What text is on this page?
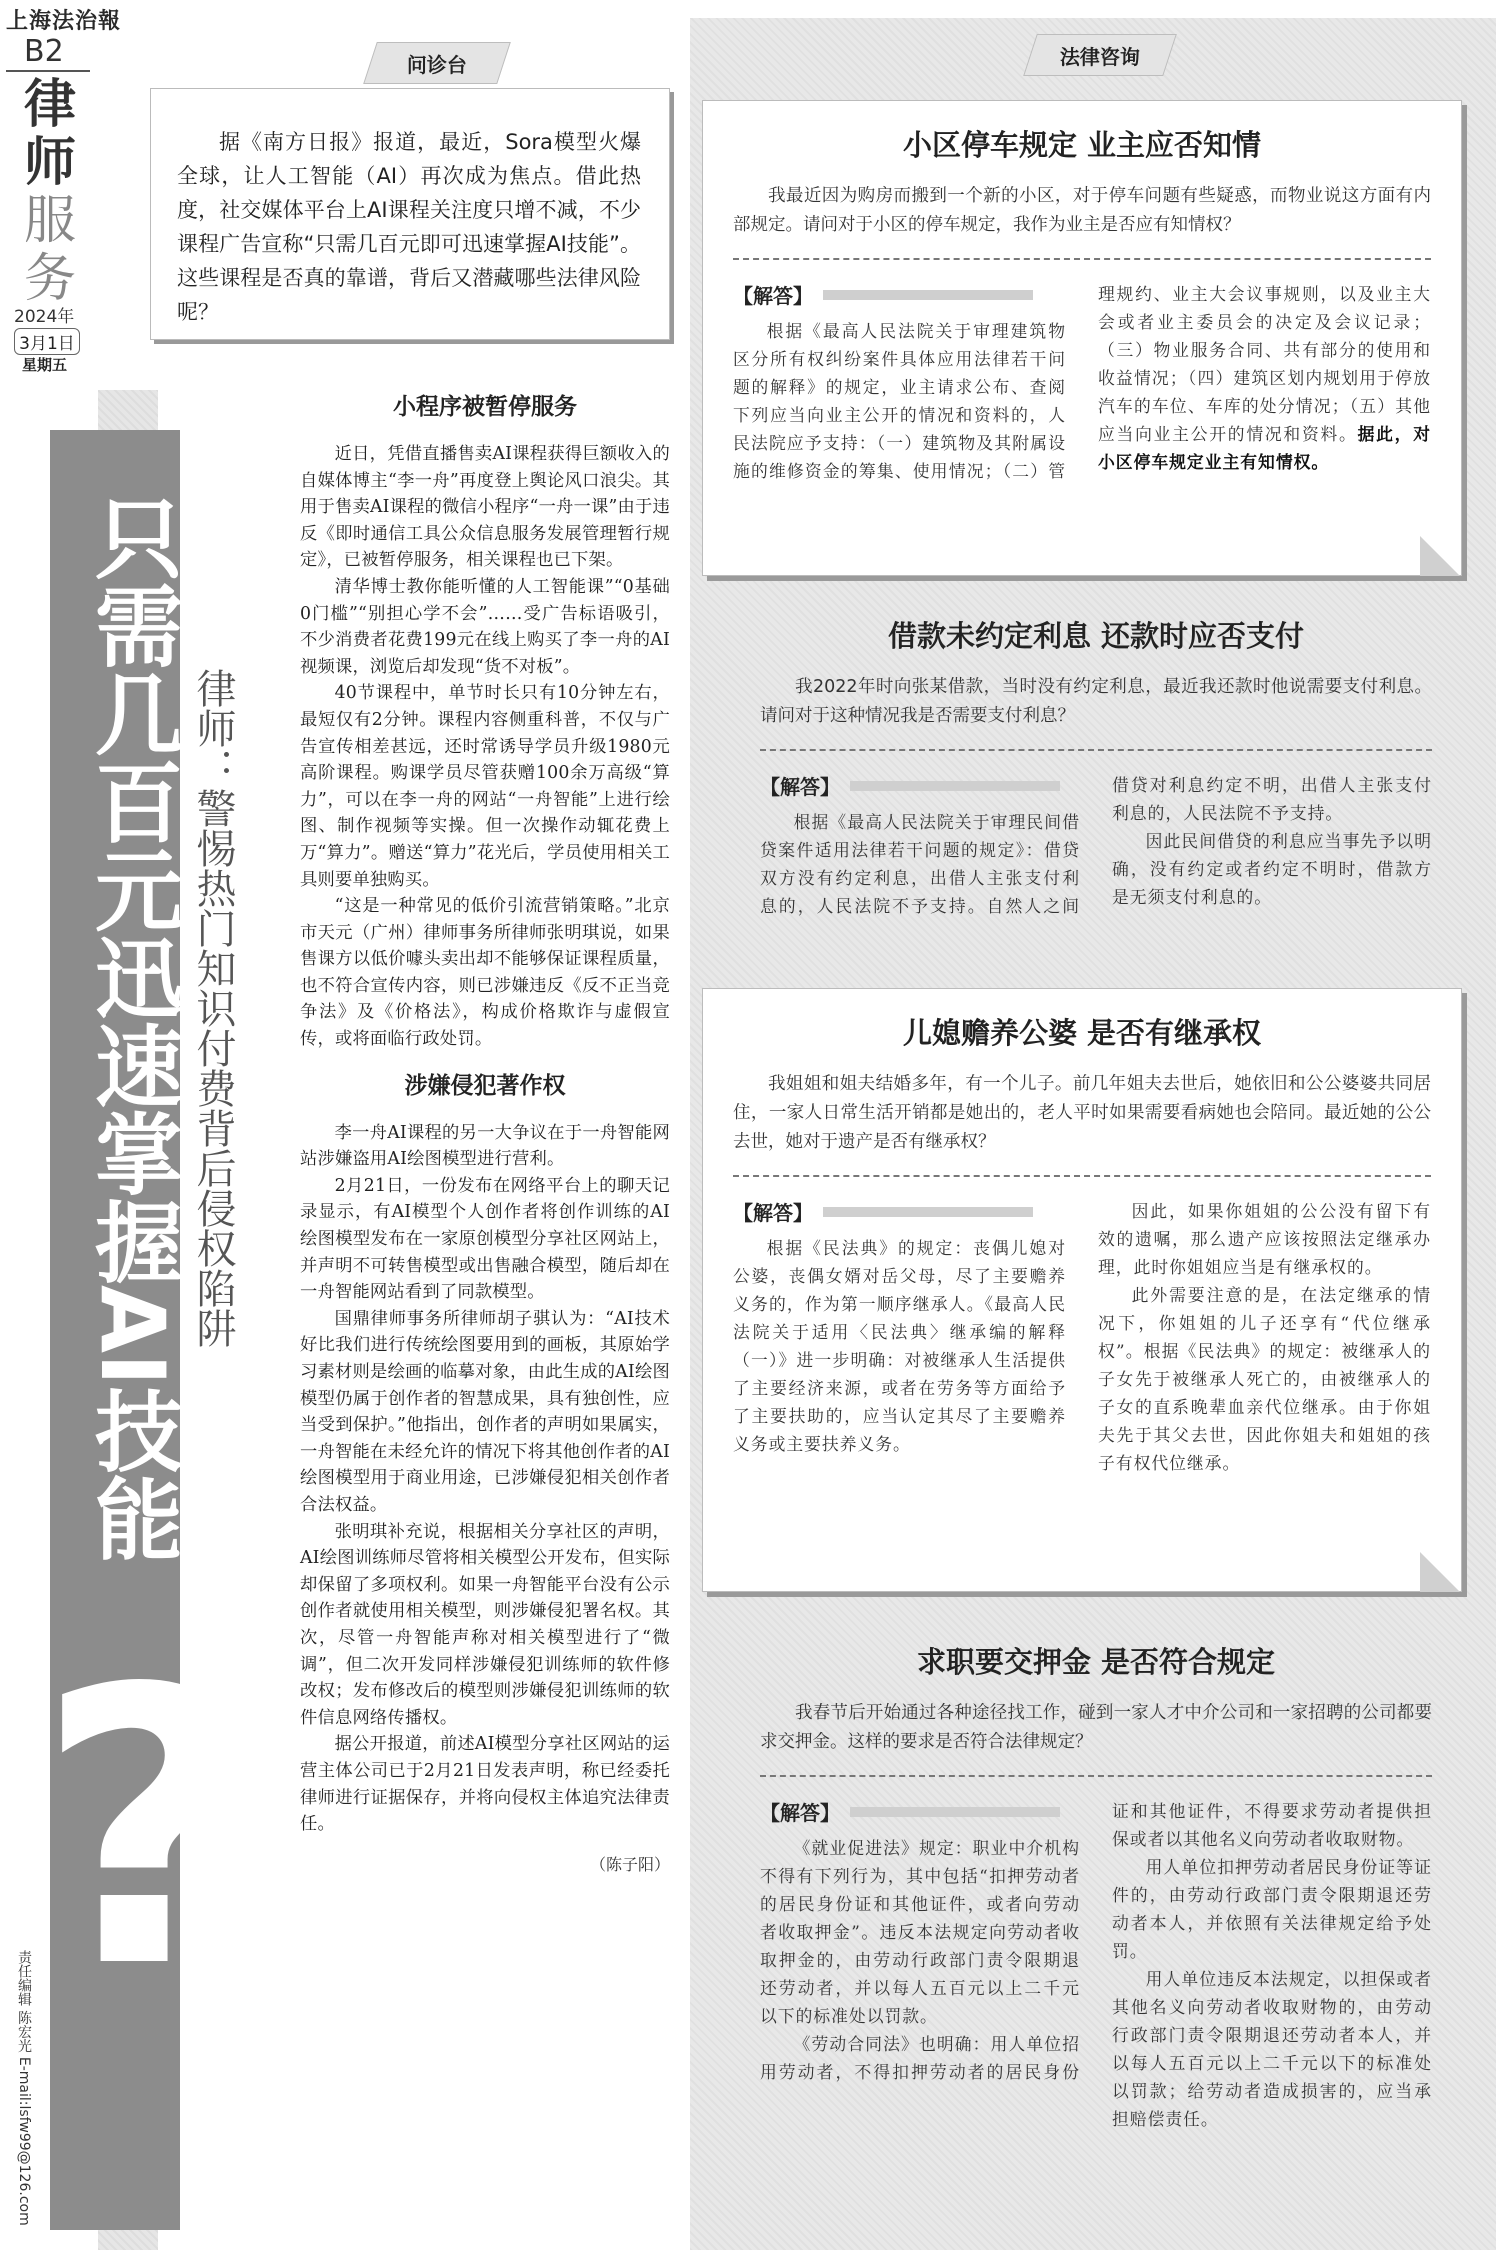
上海法治報
B2
律
师
服
务
2024年
3月1日
星期五
问诊台	法律咨询

据《南方日报》报道，最近，Sora模型火爆全球，让人工智能（AI）再次成为焦点。借此热度，社交媒体平台上AI课程关注度只增不减，不少课程广告宣称“只需几百元即可迅速掌握AI技能”。这些课程是否真的靠谱，背后又潜藏哪些法律风险呢？

只需几百元迅速掌握AI技能
?
律师：警惕热门知识付费背后侵权陷阱
小程序被暂停服务

近日，凭借直播售卖AI课程获得巨额收入的自媒体博主“李一舟”再度登上舆论风口浪尖。其用于售卖AI课程的微信小程序“一舟一课”由于违反《即时通信工具公众信息服务发展管理暂行规定》，已被暂停服务，相关课程也已下架。

清华博士教你能听懂的人工智能课”“0基础0门槛”“别担心学不会”……受广告标语吸引，不少消费者花费199元在线上购买了李一舟的AI视频课，浏览后却发现“货不对板”。

40节课程中，单节时长只有10分钟左右，最短仅有2分钟。课程内容侧重科普，不仅与广告宣传相差甚远，还时常诱导学员升级1980元高阶课程。购课学员尽管获赠100余万高级“算力”，可以在李一舟的网站“一舟智能”上进行绘图、制作视频等实操。但一次操作动辄花费上万“算力”。赠送“算力”花光后，学员使用相关工具则要单独购买。

“这是一种常见的低价引流营销策略。”北京市天元（广州）律师事务所律师张明琪说，如果售课方以低价噱头卖出却不能够保证课程质量，也不符合宣传内容，则已涉嫌违反《反不正当竞争法》及《价格法》，构成价格欺诈与虚假宣传，或将面临行政处罚。

涉嫌侵犯著作权

李一舟AI课程的另一大争议在于一舟智能网站涉嫌盗用AI绘图模型进行营利。

2月21日，一份发布在网络平台上的聊天记录显示，有AI模型个人创作者将创作训练的AI绘图模型发布在一家原创模型分享社区网站上，并声明不可转售模型或出售融合模型，随后却在一舟智能网站看到了同款模型。

国鼎律师事务所律师胡子骐认为：“AI技术好比我们进行传统绘图要用到的画板，其原始学习素材则是绘画的临摹对象，由此生成的AI绘图模型仍属于创作者的智慧成果，具有独创性，应当受到保护。”他指出，创作者的声明如果属实，一舟智能在未经允许的情况下将其他创作者的AI绘图模型用于商业用途，已涉嫌侵犯相关创作者合法权益。

张明琪补充说，根据相关分享社区的声明，AI绘图训练师尽管将相关模型公开发布，但实际却保留了多项权利。如果一舟智能平台没有公示创作者就使用相关模型，则涉嫌侵犯署名权。其次，尽管一舟智能声称对相关模型进行了“微调”，但二次开发同样涉嫌侵犯训练师的软件修改权；发布修改后的模型则涉嫌侵犯训练师的软件信息网络传播权。

据公开报道，前述AI模型分享社区网站的运营主体公司已于2月21日发表声明，称已经委托律师进行证据保存，并将向侵权主体追究法律责任。

（陈子阳）

责任编辑 陈宏光 E-mail:lsfw99@126.com
小区停车规定 业主应否知情

我最近因为购房而搬到一个新的小区，对于停车问题有些疑惑，而物业说这方面有内部规定。请问对于小区的停车规定，我作为业主是否应有知情权？

【解答】

根据《最高人民法院关于审理建筑物区分所有权纠纷案件具体应用法律若干问题的解释》的规定，业主请求公布、查阅下列应当向业主公开的情况和资料的，人民法院应予支持：（一）建筑物及其附属设施的维修资金的筹集、使用情况；（二）管理规约、业主大会议事规则，以及业主大会或者业主委员会的决定及会议记录；（三）物业服务合同、共有部分的使用和收益情况；（四）建筑区划内规划用于停放汽车的车位、车库的处分情况；（五）其他应当向业主公开的情况和资料。据此，对小区停车规定业主有知情权。

借款未约定利息 还款时应否支付

我2022年时向张某借款，当时没有约定利息，最近我还款时他说需要支付利息。请问对于这种情况我是否需要支付利息？

【解答】

根据《最高人民法院关于审理民间借贷案件适用法律若干问题的规定》：借贷双方没有约定利息，出借人主张支付利息的，人民法院不予支持。自然人之间借贷对利息约定不明，出借人主张支付利息的，人民法院不予支持。

因此民间借贷的利息应当事先予以明确，没有约定或者约定不明时，借款方是无须支付利息的。

儿媳赡养公婆 是否有继承权

我姐姐和姐夫结婚多年，有一个儿子。前几年姐夫去世后，她依旧和公公婆婆共同居住，一家人日常生活开销都是她出的，老人平时如果需要看病她也会陪同。最近她的公公去世，她对于遗产是否有继承权？

【解答】

根据《民法典》的规定：丧偶儿媳对公婆，丧偶女婿对岳父母，尽了主要赡养义务的，作为第一顺序继承人。《最高人民法院关于适用〈民法典〉继承编的解释（一）》进一步明确：对被继承人生活提供了主要经济来源，或者在劳务等方面给予了主要扶助的，应当认定其尽了主要赡养义务或主要扶养义务。

因此，如果你姐姐的公公没有留下有效的遗嘱，那么遗产应该按照法定继承办理，此时你姐姐应当是有继承权的。

此外需要注意的是，在法定继承的情况下，你姐姐的儿子还享有“代位继承权”。根据《民法典》的规定：被继承人的子女先于被继承人死亡的，由被继承人的子女的直系晚辈血亲代位继承。由于你姐夫先于其父去世，因此你姐夫和姐姐的孩子有权代位继承。

求职要交押金 是否符合规定

我春节后开始通过各种途径找工作，碰到一家人才中介公司和一家招聘的公司都要求交押金。这样的要求是否符合法律规定？

【解答】

《就业促进法》规定：职业中介机构不得有下列行为，其中包括“扣押劳动者的居民身份证和其他证件，或者向劳动者收取押金”。违反本法规定向劳动者收取押金的，由劳动行政部门责令限期退还劳动者，并以每人五百元以上二千元以下的标准处以罚款。

《劳动合同法》也明确：用人单位招用劳动者，不得扣押劳动者的居民身份证和其他证件，不得要求劳动者提供担保或者以其他名义向劳动者收取财物。

用人单位扣押劳动者居民身份证等证件的，由劳动行政部门责令限期退还劳动者本人，并依照有关法律规定给予处罚。

用人单位违反本法规定，以担保或者其他名义向劳动者收取财物的，由劳动行政部门责令限期退还劳动者本人，并以每人五百元以上二千元以下的标准处以罚款；给劳动者造成损害的，应当承担赔偿责任。
